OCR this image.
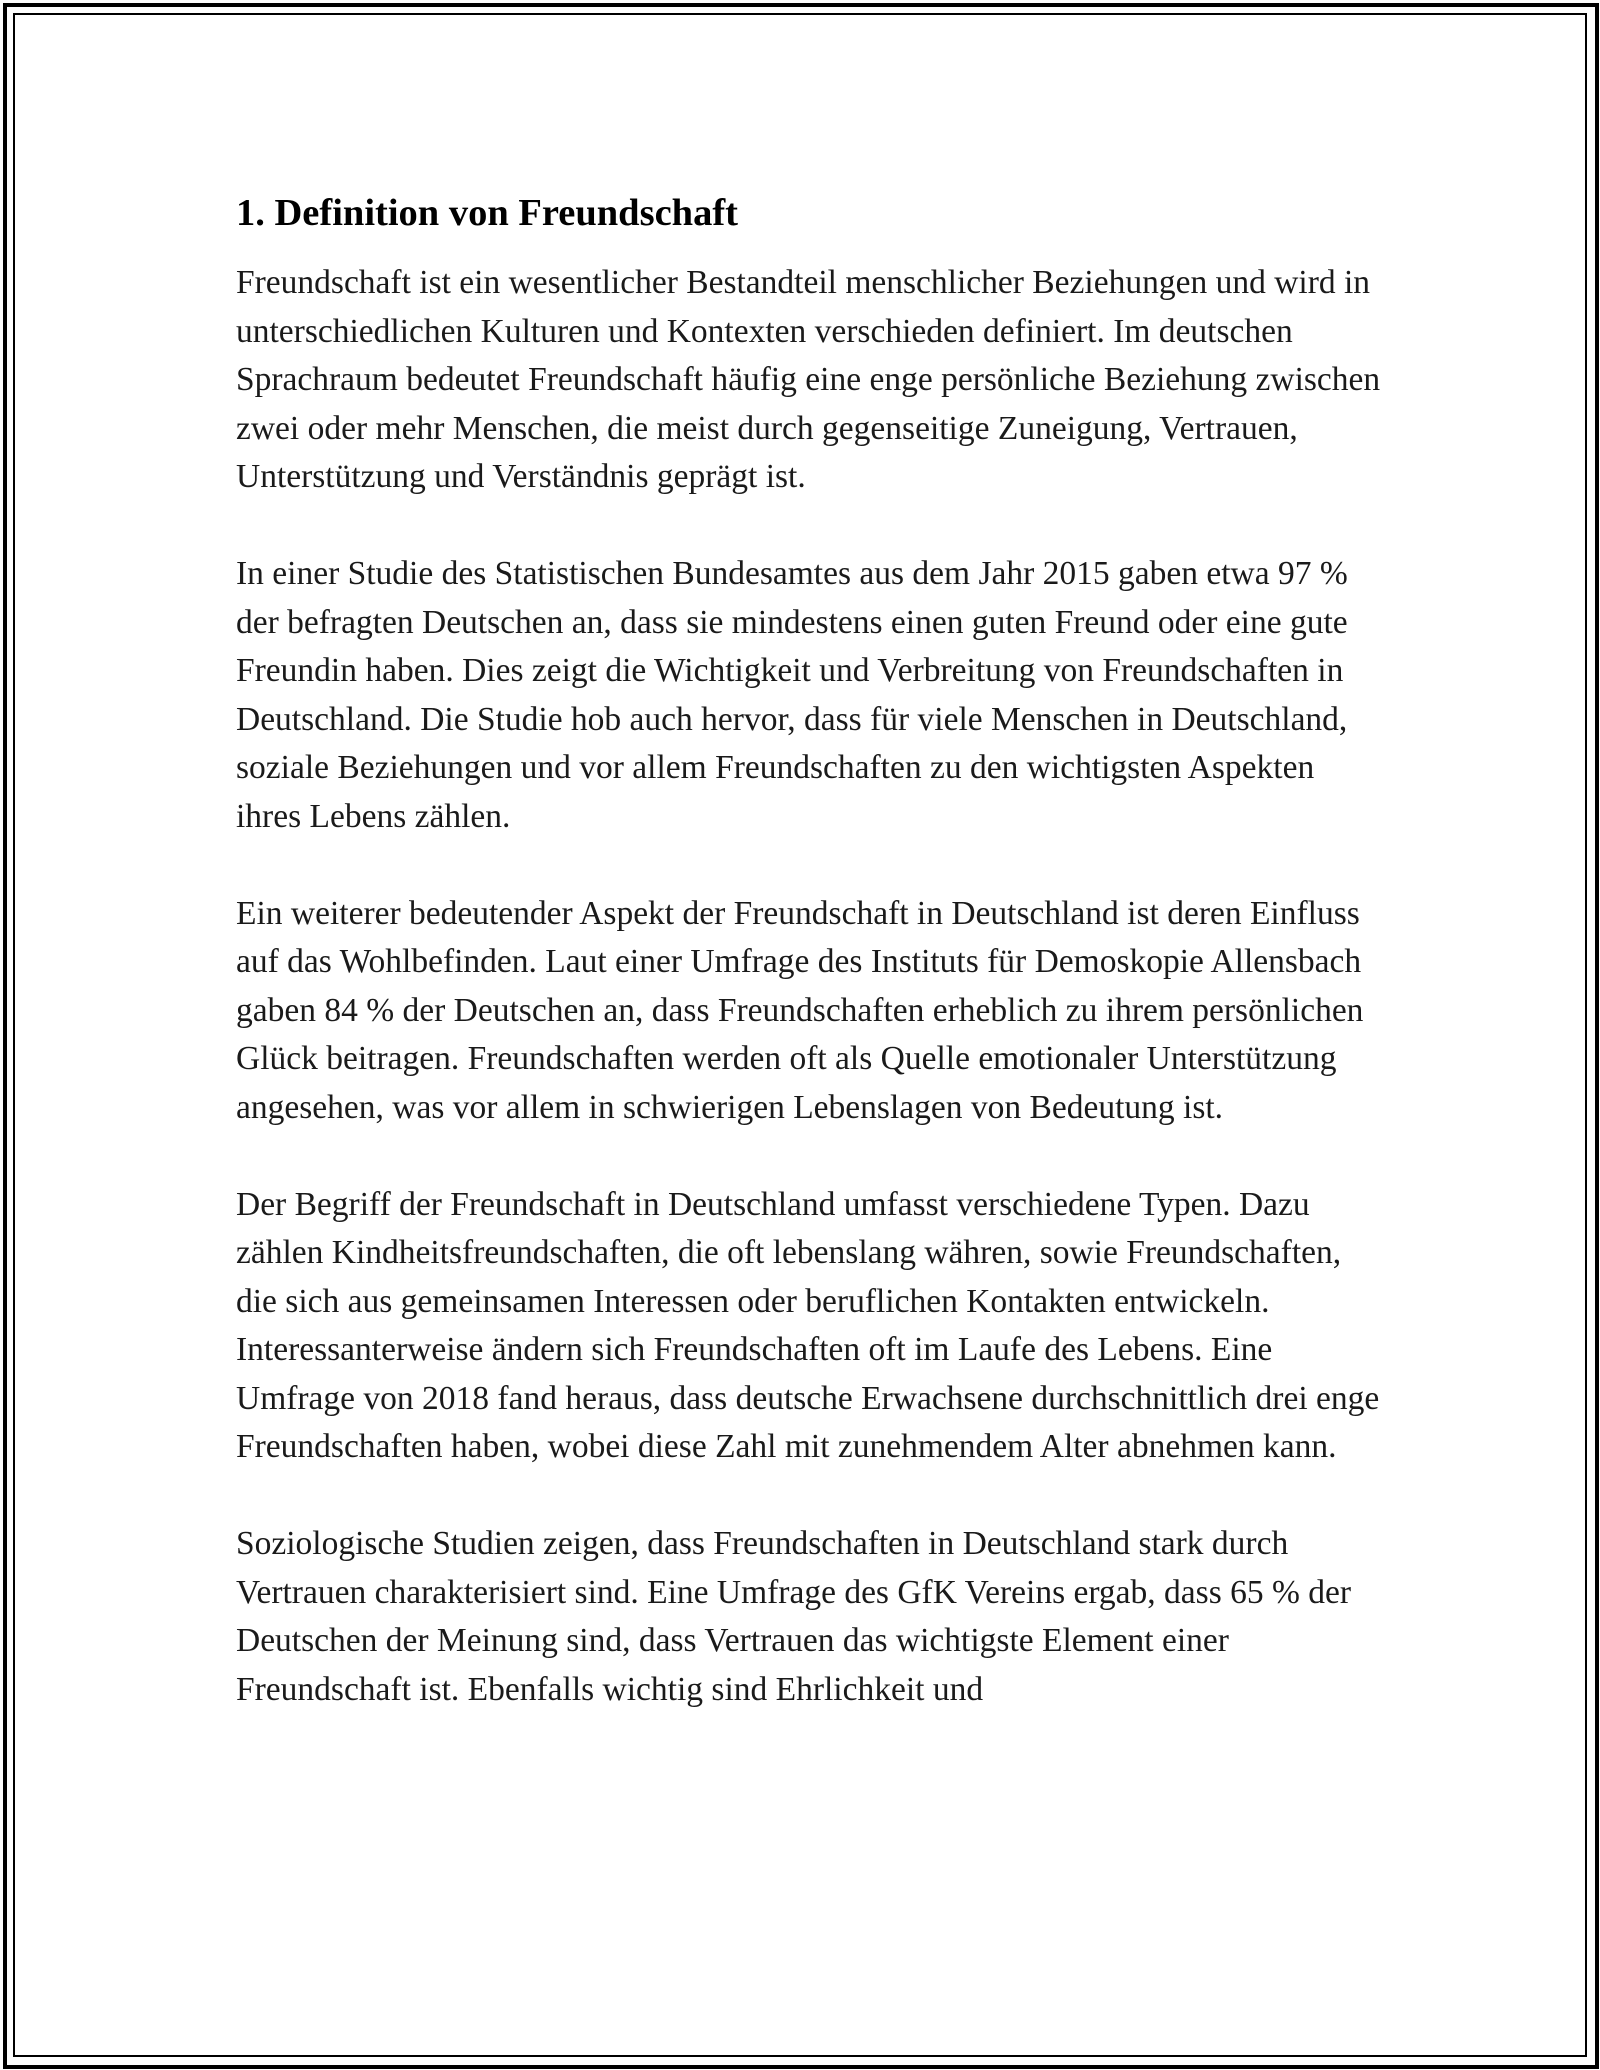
1. Definition von Freundschaft

Freundschaft ist ein wesentlicher Bestandteil menschlicher Beziehungen und wird in unterschiedlichen Kulturen und Kontexten verschieden definiert. Im deutschen Sprachraum bedeutet Freundschaft häufig eine enge persönliche Beziehung zwischen zwei oder mehr Menschen, die meist durch gegenseitige Zuneigung, Vertrauen, Unterstützung und Verständnis geprägt ist.

In einer Studie des Statistischen Bundesamtes aus dem Jahr 2015 gaben etwa 97 % der befragten Deutschen an, dass sie mindestens einen guten Freund oder eine gute Freundin haben. Dies zeigt die Wichtigkeit und Verbreitung von Freundschaften in Deutschland. Die Studie hob auch hervor, dass für viele Menschen in Deutschland, soziale Beziehungen und vor allem Freundschaften zu den wichtigsten Aspekten ihres Lebens zählen.

Ein weiterer bedeutender Aspekt der Freundschaft in Deutschland ist deren Einfluss auf das Wohlbefinden. Laut einer Umfrage des Instituts für Demoskopie Allensbach gaben 84 % der Deutschen an, dass Freundschaften erheblich zu ihrem persönlichen Glück beitragen. Freundschaften werden oft als Quelle emotionaler Unterstützung angesehen, was vor allem in schwierigen Lebenslagen von Bedeutung ist.

Der Begriff der Freundschaft in Deutschland umfasst verschiedene Typen. Dazu zählen Kindheitsfreundschaften, die oft lebenslang währen, sowie Freundschaften, die sich aus gemeinsamen Interessen oder beruflichen Kontakten entwickeln. Interessanterweise ändern sich Freundschaften oft im Laufe des Lebens. Eine Umfrage von 2018 fand heraus, dass deutsche Erwachsene durchschnittlich drei enge Freundschaften haben, wobei diese Zahl mit zunehmendem Alter abnehmen kann.

Soziologische Studien zeigen, dass Freundschaften in Deutschland stark durch Vertrauen charakterisiert sind. Eine Umfrage des GfK Vereins ergab, dass 65 % der Deutschen der Meinung sind, dass Vertrauen das wichtigste Element einer Freundschaft ist. Ebenfalls wichtig sind Ehrlichkeit und
